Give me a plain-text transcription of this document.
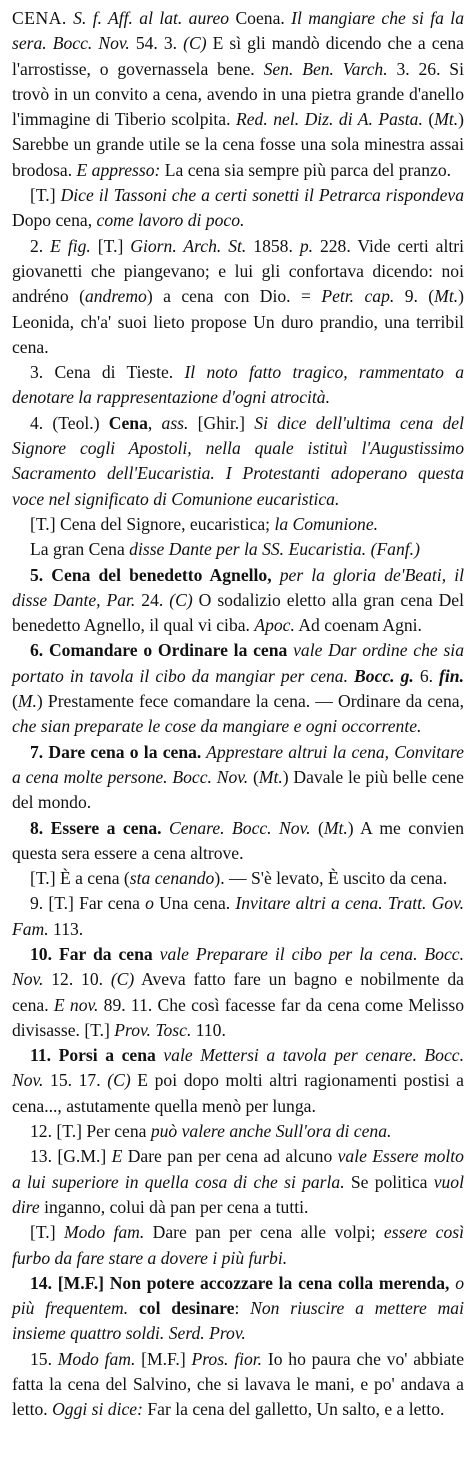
CENA. S. f. Aff. al lat. aureo Coena. Il mangiare che si fa la sera. Bocc. Nov. 54. 3. (C) E sì gli mandò dicendo che a cena l'arrostisse, o governassela bene. Sen. Ben. Varch. 3. 26. Si trovò in un convito a cena, avendo in una pietra grande d'anello l'immagine di Tiberio scolpita. Red. nel. Diz. di A. Pasta. (Mt.) Sarebbe un grande utile se la cena fosse una sola minestra assai brodosa. E appresso: La cena sia sempre più parca del pranzo.

[T.] Dice il Tassoni che a certi sonetti il Petrarca rispondeva Dopo cena, come lavoro di poco.

2. E fig. [T.] Giorn. Arch. St. 1858. p. 228. Vide certi altri giovanetti che piangevano; e lui gli confortava dicendo: noi andréno (andremo) a cena con Dio. = Petr. cap. 9. (Mt.) Leonida, ch'a' suoi lieto propose Un duro prandio, una terribil cena.

3. Cena di Tieste. Il noto fatto tragico, rammentato a denotare la rappresentazione d'ogni atrocità.

4. (Teol.) Cena, ass. [Ghir.] Si dice dell'ultima cena del Signore cogli Apostoli, nella quale istituì l'Augustissimo Sacramento dell'Eucaristia. I Protestanti adoperano questa voce nel significato di Comunione eucaristica.

[T.] Cena del Signore, eucaristica; la Comunione.

La gran Cena disse Dante per la SS. Eucaristia. (Fanf.)

5. Cena del benedetto Agnello, per la gloria de'Beati, il disse Dante, Par. 24. (C) O sodalizio eletto alla gran cena Del benedetto Agnello, il qual vi ciba. Apoc. Ad coenam Agni.

6. Comandare o Ordinare la cena vale Dar ordine che sia portato in tavola il cibo da mangiar per cena. Bocc. g. 6. fin. (M.) Prestamente fece comandare la cena. — Ordinare da cena, che sian preparate le cose da mangiare e ogni occorrente.

7. Dare cena o la cena. Apprestare altrui la cena, Convitare a cena molte persone. Bocc. Nov. (Mt.) Davale le più belle cene del mondo.

8. Essere a cena. Cenare. Bocc. Nov. (Mt.) A me convien questa sera essere a cena altrove.

[T.] È a cena (sta cenando). — S'è levato, È uscito da cena.

9. [T.] Far cena o Una cena. Invitare altri a cena. Tratt. Gov. Fam. 113.

10. Far da cena vale Preparare il cibo per la cena. Bocc. Nov. 12. 10. (C) Aveva fatto fare un bagno e nobilmente da cena. E nov. 89. 11. Che così facesse far da cena come Melisso divisasse. [T.] Prov. Tosc. 110.

11. Porsi a cena vale Mettersi a tavola per cenare. Bocc. Nov. 15. 17. (C) E poi dopo molti altri ragionamenti postisi a cena..., astutamente quella menò per lunga.

12. [T.] Per cena può valere anche Sull'ora di cena.

13. [G.M.] E Dare pan per cena ad alcuno vale Essere molto a lui superiore in quella cosa di che si parla. Se politica vuol dire inganno, colui dà pan per cena a tutti.

[T.] Modo fam. Dare pan per cena alle volpi; essere così furbo da fare stare a dovere i più furbi.

14. [M.F.] Non potere accozzare la cena colla merenda, o più frequentem. col desinare: Non riuscire a mettere mai insieme quattro soldi. Serd. Prov.

15. Modo fam. [M.F.] Pros. fior. Io ho paura che vo' abbiate fatta la cena del Salvino, che si lavava le mani, e po' andava a letto. Oggi si dice: Far la cena del galletto, Un salto, e a letto.
